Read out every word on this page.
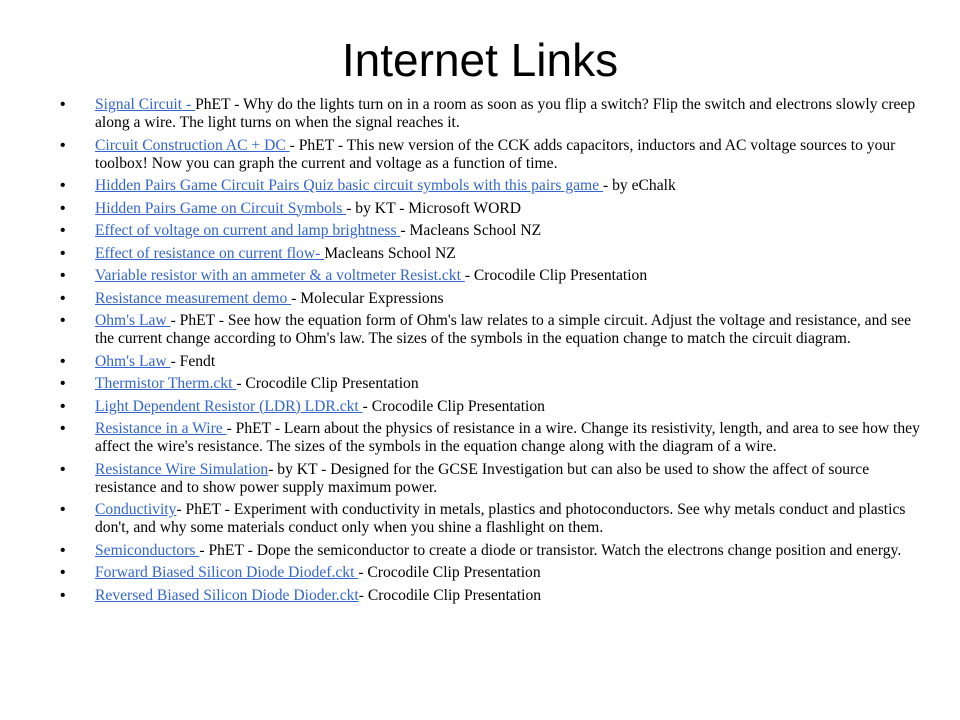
Internet Links
• Signal Circuit - PhET - Why do the lights turn on in a room as soon as you flip a switch? Flip the switch and electrons slowly creep along a wire. The light turns on when the signal reaches it.
• Circuit Construction AC + DC - PhET - This new version of the CCK adds capacitors, inductors and AC voltage sources to your toolbox! Now you can graph the current and voltage as a function of time.
• Hidden Pairs Game Circuit Pairs Quiz basic circuit symbols with this pairs game - by eChalk
• Hidden Pairs Game on Circuit Symbols - by KT - Microsoft WORD
• Effect of voltage on current and lamp brightness - Macleans School NZ
• Effect of resistance on current flow- Macleans School NZ
• Variable resistor with an ammeter & a voltmeter Resist.ckt - Crocodile Clip Presentation
• Resistance measurement demo - Molecular Expressions
• Ohm's Law - PhET - See how the equation form of Ohm's law relates to a simple circuit. Adjust the voltage and resistance, and see the current change according to Ohm's law. The sizes of the symbols in the equation change to match the circuit diagram.
• Ohm's Law - Fendt
• Thermistor Therm.ckt - Crocodile Clip Presentation
• Light Dependent Resistor (LDR) LDR.ckt - Crocodile Clip Presentation
• Resistance in a Wire - PhET - Learn about the physics of resistance in a wire. Change its resistivity, length, and area to see how they affect the wire's resistance. The sizes of the symbols in the equation change along with the diagram of a wire.
• Resistance Wire Simulation- by KT - Designed for the GCSE Investigation but can also be used to show the affect of source resistance and to show power supply maximum power.
• Conductivity- PhET - Experiment with conductivity in metals, plastics and photoconductors. See why metals conduct and plastics don't, and why some materials conduct only when you shine a flashlight on them.
• Semiconductors - PhET - Dope the semiconductor to create a diode or transistor. Watch the electrons change position and energy.
• Forward Biased Silicon Diode Diodef.ckt - Crocodile Clip Presentation
• Reversed Biased Silicon Diode Dioder.ckt- Crocodile Clip Presentation
